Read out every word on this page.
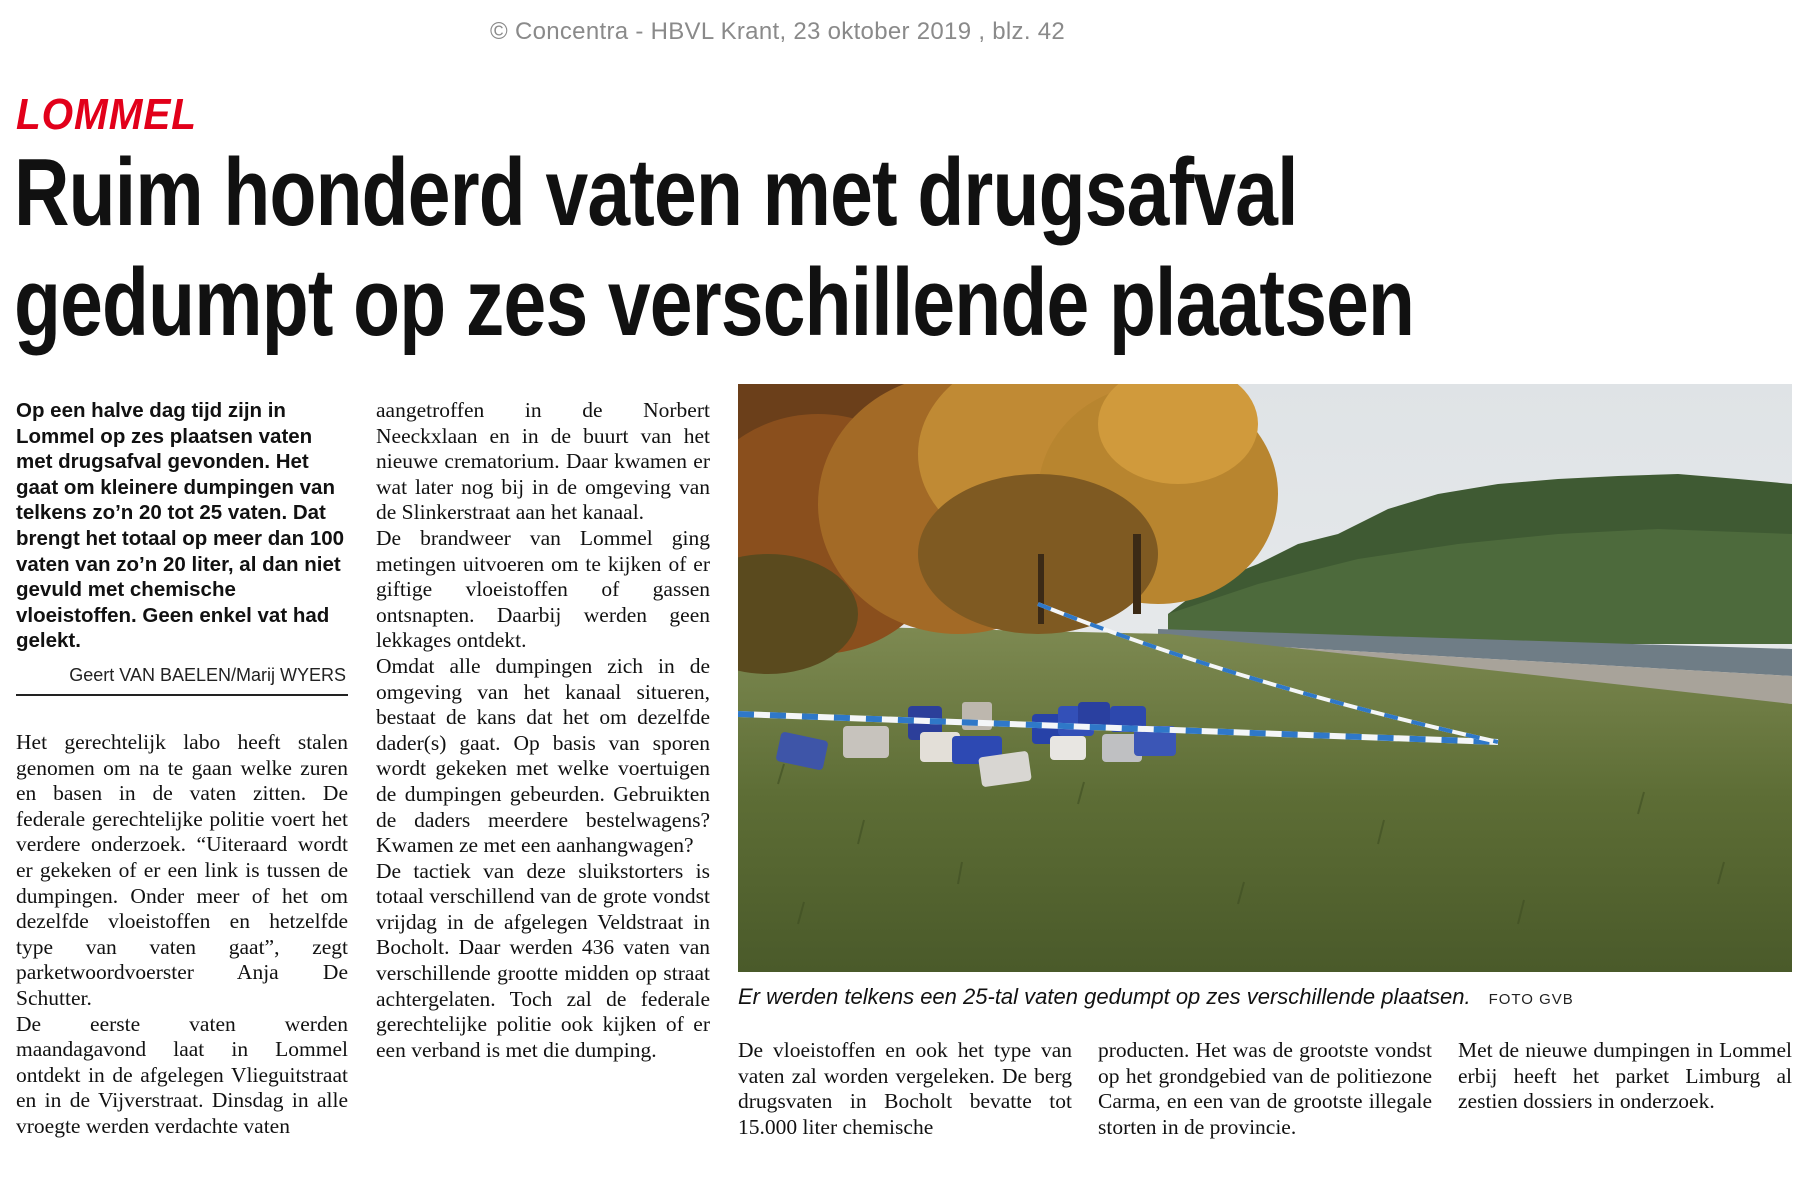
© Concentra - HBVL Krant, 23 oktober 2019 , blz. 42
LOMMEL
Ruim honderd vaten met drugsafval
gedumpt op zes verschillende plaatsen

Op een halve dag tijd zijn in Lommel op zes plaatsen vaten met drugsafval gevonden. Het gaat om kleinere dumpingen van telkens zo’n 20 tot 25 vaten. Dat brengt het totaal op meer dan 100 vaten van zo’n 20 liter, al dan niet gevuld met chemische vloeistoffen. Geen enkel vat had gelekt.

Geert VAN BAELEN/Marij WYERS

Het gerechtelijk labo heeft stalen genomen om na te gaan welke zuren en basen in de vaten zitten. De federale gerechtelijke politie voert het verdere onderzoek. “Uiteraard wordt er gekeken of er een link is tussen de dumpingen. Onder meer of het om dezelfde vloeistoffen en hetzelfde type van vaten gaat”, zegt parketwoordvoerster Anja De Schutter.

De eerste vaten werden maandagavond laat in Lommel ontdekt in de afgelegen Vlieguitstraat en in de Vijverstraat. Dinsdag in alle vroegte werden verdachte vaten

aangetroffen in de Norbert Neeckxlaan en in de buurt van het nieuwe crematorium. Daar kwamen er wat later nog bij in de omgeving van de Slinkerstraat aan het kanaal.

De brandweer van Lommel ging metingen uitvoeren om te kijken of er giftige vloeistoffen of gassen ontsnapten. Daarbij werden geen lekkages ontdekt.

Omdat alle dumpingen zich in de omgeving van het kanaal situeren, bestaat de kans dat het om dezelfde dader(s) gaat. Op basis van sporen wordt gekeken met welke voertuigen de dumpingen gebeurden. Gebruikten de daders meerdere bestelwagens? Kwamen ze met een aanhangwagen?

De tactiek van deze sluikstorters is totaal verschillend van de grote vondst vrijdag in de afgelegen Veldstraat in Bocholt. Daar werden 436 vaten van verschillende grootte midden op straat achtergelaten. Toch zal de federale gerechtelijke politie ook kijken of er een verband is met die dumping.

Er werden telkens een 25-tal vaten gedumpt op zes verschillende plaatsen. FOTO GVB

De vloeistoffen en ook het type van vaten zal worden vergeleken. De berg drugsvaten in Bocholt bevatte tot 15.000 liter chemische

producten. Het was de grootste vondst op het grondgebied van de politiezone Carma, en een van de grootste illegale storten in de provincie.

Met de nieuwe dumpingen in Lommel erbij heeft het parket Limburg al zestien dossiers in onderzoek.
